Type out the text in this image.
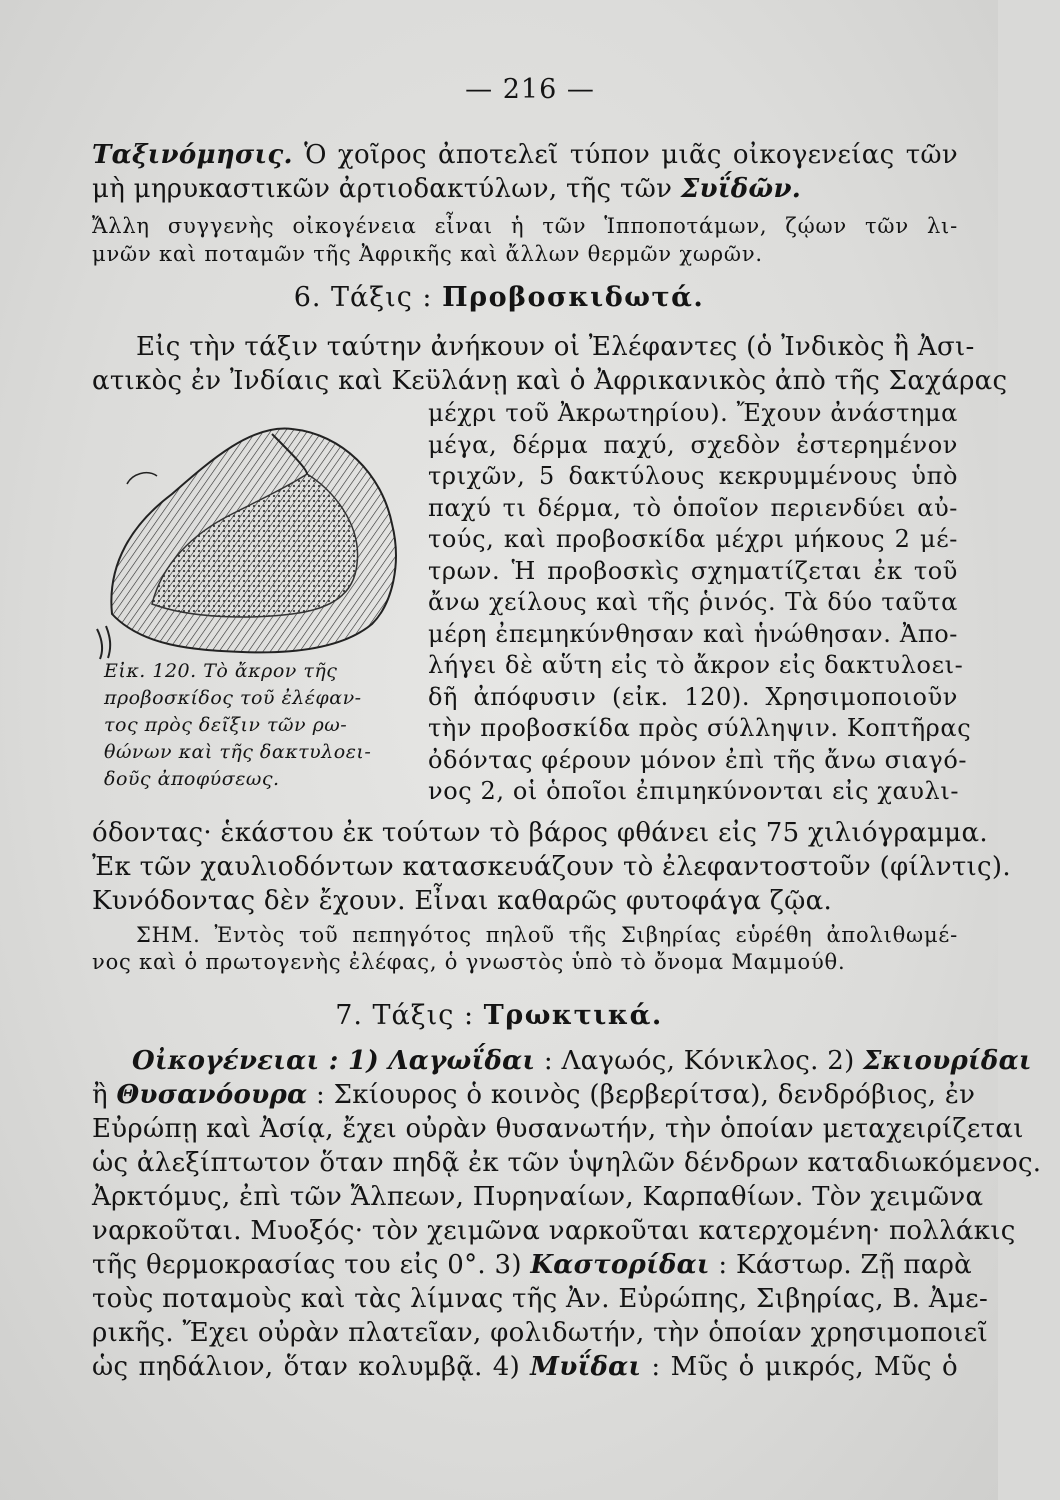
— 216 —
Ταξινόμησις. Ὁ χοῖρος ἀποτελεῖ τύπον μιᾶς οἰκογενείας τῶν
μὴ μηρυκαστικῶν ἀρτιοδακτύλων, τῆς τῶν Συΐδῶν.
Ἄλλη συγγενὴς οἰκογένεια εἶναι ἡ τῶν Ἱπποποτάμων, ζῴων τῶν λι-
μνῶν καὶ ποταμῶν τῆς Ἀφρικῆς καὶ ἄλλων θερμῶν χωρῶν.
6. Τάξις : Προβοσκιδωτά.
Εἰς τὴν τάξιν ταύτην ἀνήκουν οἱ Ἐλέφαντες (ὁ Ἰνδικὸς ἢ Ἀσι-
ατικὸς ἐν Ἰνδίαις καὶ Κεϋλάνῃ καὶ ὁ Ἀφρικανικὸς ἀπὸ τῆς Σαχάρας
Εἰκ. 120. Τὸ ἄκρον τῆς
προβοσκίδος τοῦ ἐλέφαν-
τος πρὸς δεῖξιν τῶν ρω-
θώνων καὶ τῆς δακτυλοει-
δοῦς ἀποφύσεως.
μέχρι τοῦ Ἀκρωτηρίου). Ἔχουν ἀνάστημα
μέγα, δέρμα παχύ, σχεδὸν ἐστερημένον
τριχῶν, 5 δακτύλους κεκρυμμένους ὑπὸ
παχύ τι δέρμα, τὸ ὁποῖον περιενδύει αὐ-
τούς, καὶ προβοσκίδα μέχρι μήκους 2 μέ-
τρων. Ἡ προβοσκὶς σχηματίζεται ἐκ τοῦ
ἄνω χείλους καὶ τῆς ῥινός. Τὰ δύο ταῦτα
μέρη ἐπεμηκύνθησαν καὶ ἡνώθησαν. Ἀπο-
λήγει δὲ αὕτη εἰς τὸ ἄκρον εἰς δακτυλοει-
δῆ ἀπόφυσιν (εἰκ. 120). Χρησιμοποιοῦν
τὴν προβοσκίδα πρὸς σύλληψιν. Κοπτῆρας
ὀδόντας φέρουν μόνον ἐπὶ τῆς ἄνω σιαγό-
νος 2, οἱ ὁποῖοι ἐπιμηκύνονται εἰς χαυλι-
όδοντας· ἑκάστου ἐκ τούτων τὸ βάρος φθάνει εἰς 75 χιλιόγραμμα.
Ἐκ τῶν χαυλιοδόντων κατασκευάζουν τὸ ἐλεφαντοστοῦν (φίλντις).
Κυνόδοντας δὲν ἔχουν. Εἶναι καθαρῶς φυτοφάγα ζῷα.
ΣΗΜ. Ἐντὸς τοῦ πεπηγότος πηλοῦ τῆς Σιβηρίας εὑρέθη ἀπολιθωμέ-
νος καὶ ὁ πρωτογενὴς ἐλέφας, ὁ γνωστὸς ὑπὸ τὸ ὄνομα Μαμμούθ.
7. Τάξις : Τρωκτικά.
Οἰκογένειαι : 1) Λαγωΐδαι : Λαγωός, Κόνικλος. 2) Σκιουρίδαι
ἢ Θυσανόουρα : Σκίουρος ὁ κοινὸς (βερβερίτσα), δενδρόβιος, ἐν
Εὐρώπῃ καὶ Ἀσίᾳ, ἔχει οὐρὰν θυσανωτήν, τὴν ὁποίαν μεταχειρίζεται
ὡς ἀλεξίπτωτον ὅταν πηδᾷ ἐκ τῶν ὑψηλῶν δένδρων καταδιωκόμενος.
Ἀρκτόμυς, ἐπὶ τῶν Ἄλπεων, Πυρηναίων, Καρπαθίων. Τὸν χειμῶνα
ναρκοῦται. Μυοξός· τὸν χειμῶνα ναρκοῦται κατερχομένη· πολλάκις
τῆς θερμοκρασίας του εἰς 0°. 3) Καστορίδαι : Κάστωρ. Ζῇ παρὰ
τοὺς ποταμοὺς καὶ τὰς λίμνας τῆς Ἀν. Εὐρώπης, Σιβηρίας, Β. Ἀμε-
ρικῆς. Ἔχει οὐρὰν πλατεῖαν, φολιδωτήν, τὴν ὁποίαν χρησιμοποιεῖ
ὡς πηδάλιον, ὅταν κολυμβᾷ. 4) Μυΐδαι : Μῦς ὁ μικρός, Μῦς ὁ
